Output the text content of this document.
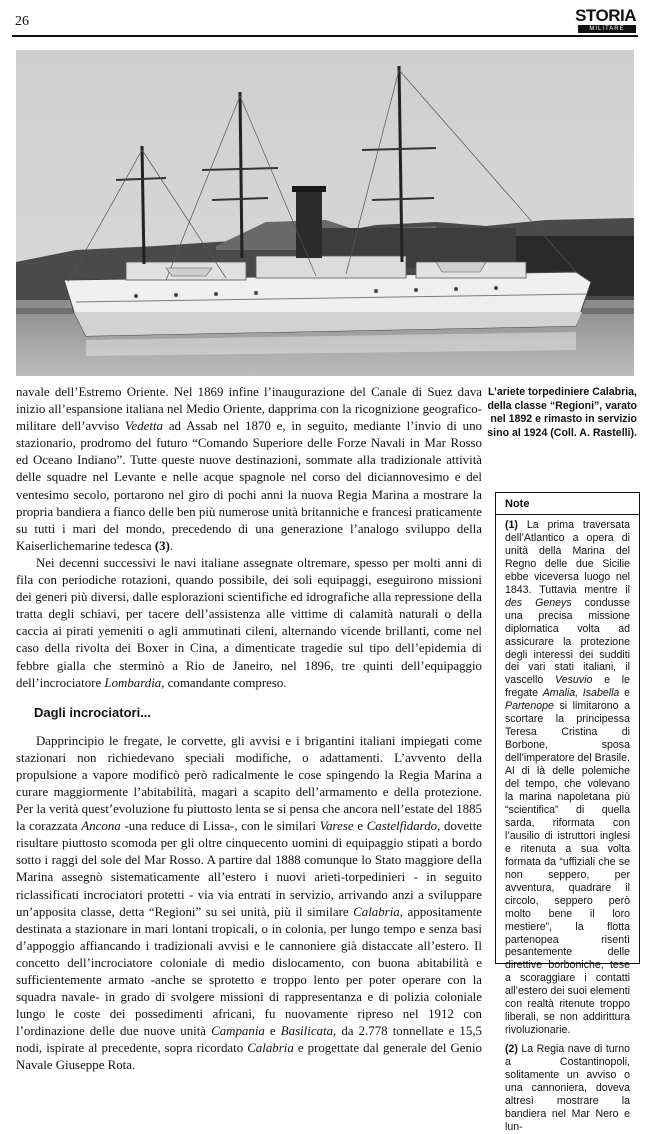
26	STORIA
MILITARE
L’ariete torpediniere Calabria, della classe “Regioni”, varato nel 1892 e rimasto in servizio sino al 1924 (Coll. A. Rastelli).

navale dell’Estremo Oriente. Nel 1869 infine l’inaugurazione del Canale di Suez dava inizio all’espansione italiana nel Medio Oriente, dapprima con la ricognizione geografico-militare dell’avviso Vedetta ad Assab nel 1870 e, in seguito, mediante l’invio di uno stazionario, prodromo del futuro “Comando Superiore delle Forze Navali in Mar Rosso ed Oceano Indiano”. Tutte queste nuove destinazioni, sommate alla tradizionale attività delle squadre nel Levante e nelle acque spagnole nel corso del diciannovesimo e del ventesimo secolo, portarono nel giro di pochi anni la nuova Regia Marina a mostrare la propria bandiera a fianco delle ben più numerose unità britanniche e francesi praticamente su tutti i mari del mondo, precedendo di una generazione l’analogo sviluppo della Kaiserlichemarine tedesca (3).

Nei decenni successivi le navi italiane assegnate oltremare, spesso per molti anni di fila con periodiche rotazioni, quando possibile, dei soli equipaggi, eseguirono missioni dei generi più diversi, dalle esplorazioni scientifiche ed idrografiche alla repressione della tratta degli schiavi, per tacere dell’assistenza alle vittime di calamità naturali o della caccia ai pirati yemeniti o agli ammutinati cileni, alternando vicende brillanti, come nel caso della rivolta dei Boxer in Cina, a dimenticate tragedie sul tipo dell’epidemia di febbre gialla che sterminò a Rio de Janeiro, nel 1896, tre quinti dell’equipaggio dell’incrociatore Lombardia, comandante compreso.

Dagli incrociatori...

Dapprincipio le fregate, le corvette, gli avvisi e i brigantini italiani impiegati come stazionari non richiedevano speciali modifiche, o adattamenti. L’avvento della propulsione a vapore modificò però radicalmente le cose spingendo la Regia Marina a curare maggiormente l’abitabilità, magari a scapito dell’armamento e della protezione. Per la verità quest’evoluzione fu piuttosto lenta se si pensa che ancora nell’estate del 1885 la corazzata Ancona -una reduce di Lissa-, con le similari Varese e Castelfidardo, dovette risultare piuttosto scomoda per gli oltre cinquecento uomini di equipaggio stipati a bordo sotto i raggi del sole del Mar Rosso. A partire dal 1888 comunque lo Stato maggiore della Marina assegnò sistematicamente all’estero i nuovi arieti-torpedinieri - in seguito riclassificati incrociatori protetti - via via entrati in servizio, arrivando anzi a sviluppare un’apposita classe, detta “Regioni” su sei unità, più il similare Calabria, appositamente destinata a stazionare in mari lontani tropicali, o in colonia, per lungo tempo e senza basi d’appoggio affiancando i tradizionali avvisi e le cannoniere già distaccate all’estero. Il concetto dell’incrociatore coloniale di medio dislocamento, con buona abitabilità e sufficientemente armato -anche se sprotetto e troppo lento per poter operare con la squadra navale- in grado di svolgere missioni di rappresentanza e di polizia coloniale lungo le coste dei possedimenti africani, fu nuovamente ripreso nel 1912 con l’ordinazione delle due nuove unità Campania e Basilicata, da 2.778 tonnellate e 15,5 nodi, ispirate al precedente, sopra ricordato Calabria e progettate dal generale del Genio Navale Giuseppe Rota.

Note
(1) La prima traversata dell’Atlantico a opera di unità della Marina del Regno delle due Sicilie ebbe viceversa luogo nel 1843. Tuttavia mentre il des Geneys condusse una precisa missione diplomatica volta ad assicurare la protezione degli interessi dei sudditi dei vari stati italiani, il vascello Vesuvio e le fregate Amalia, Isabella e Partenope si limitarono a scortare la principessa Teresa Cristina di Borbone, sposa dell’imperatore del Brasile. Al di là delle polemiche del tempo, che volevano la marina napoletana più “scientifica” di quella sarda, riformata con l’ausilio di istruttori inglesi e ritenuta a sua volta formata da “uffiziali che se non seppero, per avventura, quadrare il circolo, seppero però molto bene il loro mestiere”, la flotta partenopea risentì pesantemente delle direttive borboniche, tese a scoraggiare i contatti all’estero dei suoi elementi con realtà ritenute troppo liberali, se non addirittura rivoluzionarie.
(2) La Regia nave di turno a Costantinopoli, solitamente un avviso o una cannoniera, doveva altresì mostrare la bandiera nel Mar Nero e lun-
